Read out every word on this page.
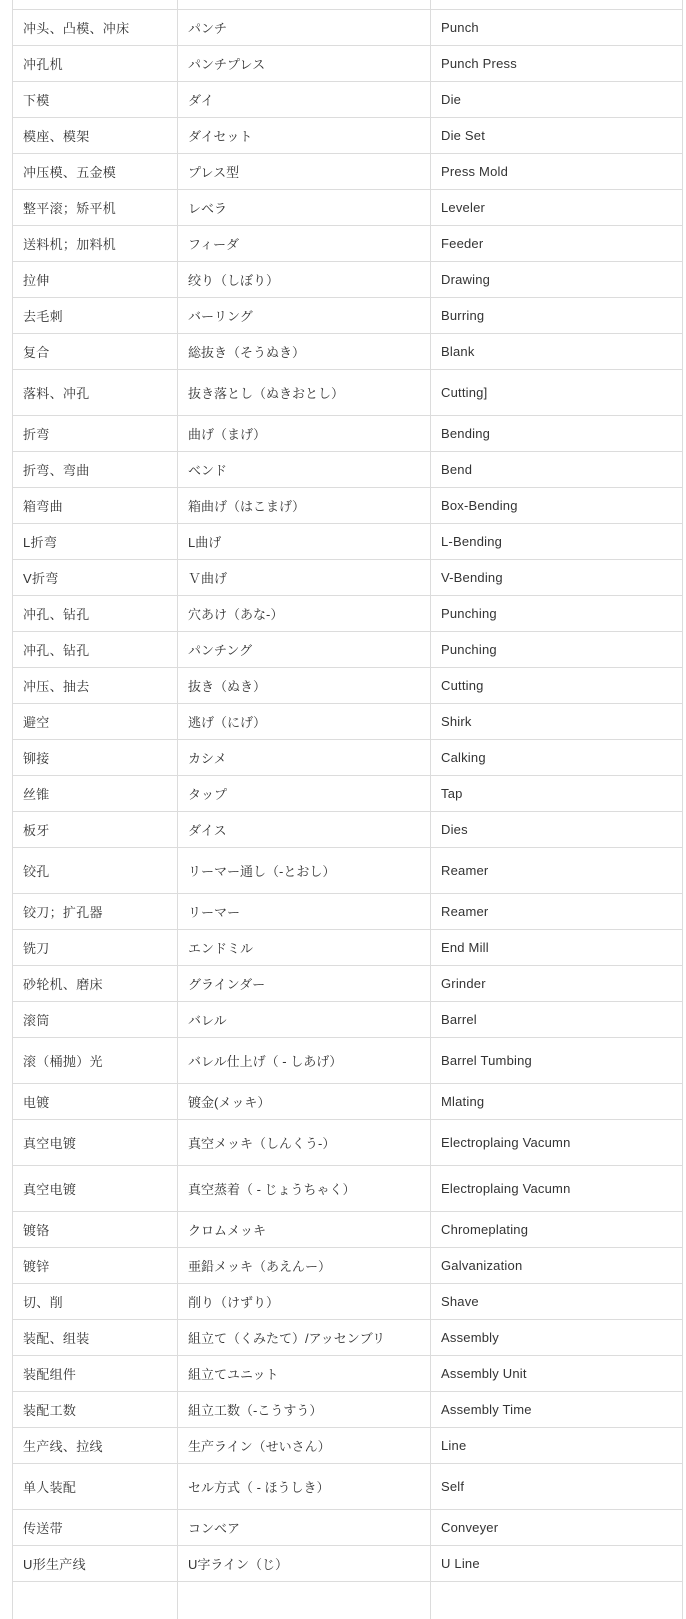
冲头、凸模、冲床	パンチ	Punch
冲孔机	パンチプレス	Punch Press
下模	ダイ	Die
模座、模架	ダイセット	Die Set
冲压模、五金模	プレス型	Press Mold
整平滚；矫平机	レベラ	Leveler
送料机；加料机	フィーダ	Feeder
拉伸	绞り（しぼり）	Drawing
去毛刺	バーリング	Burring
复合	総抜き（そうぬき）	Blank
落料、冲孔	抜き落とし（ぬきおとし）	Cutting]
折弯	曲げ（まげ）	Bending
折弯、弯曲	ベンド	Bend
箱弯曲	箱曲げ（はこまげ）	Box-Bending
L折弯	L曲げ	L-Bending
V折弯	Ｖ曲げ	V-Bending
冲孔、钻孔	穴あけ（あな-）	Punching
冲孔、钻孔	パンチング	Punching
冲压、抽去	抜き（ぬき）	Cutting
避空	逃げ（にげ）	Shirk
铆接	カシメ	Calking
丝锥	タップ	Tap
板牙	ダイス	Dies
铰孔	リーマー通し（-とおし）	Reamer
铰刀；扩孔器	リーマー	Reamer
铣刀	エンドミル	End Mill
砂轮机、磨床	グラインダー	Grinder
滚筒	バレル	Barrel
滚（桶抛）光	バレル仕上げ（ - しあげ）	Barrel Tumbing
电镀	镀金(メッキ）	Mlating
真空电镀	真空メッキ（しんくう-）	Electroplaing Vacumn
真空电镀	真空蒸着（ - じょうちゃく）	Electroplaing Vacumn
镀铬	クロムメッキ	Chromeplating
镀锌	亜鉛メッキ（あえんー）	Galvanization
切、削	削り（けずり）	Shave
装配、组装	組立て（くみたて）/アッセンブリ	Assembly
装配组件	組立てユニット	Assembly Unit
装配工数	組立工数（-こうすう）	Assembly Time
生产线、拉线	生产ライン（せいさん）	Line
单人装配	セル方式（ - ほうしき）	Self
传送带	コンベア	Conveyer
U形生产线	U字ライン（じ）	U Line
